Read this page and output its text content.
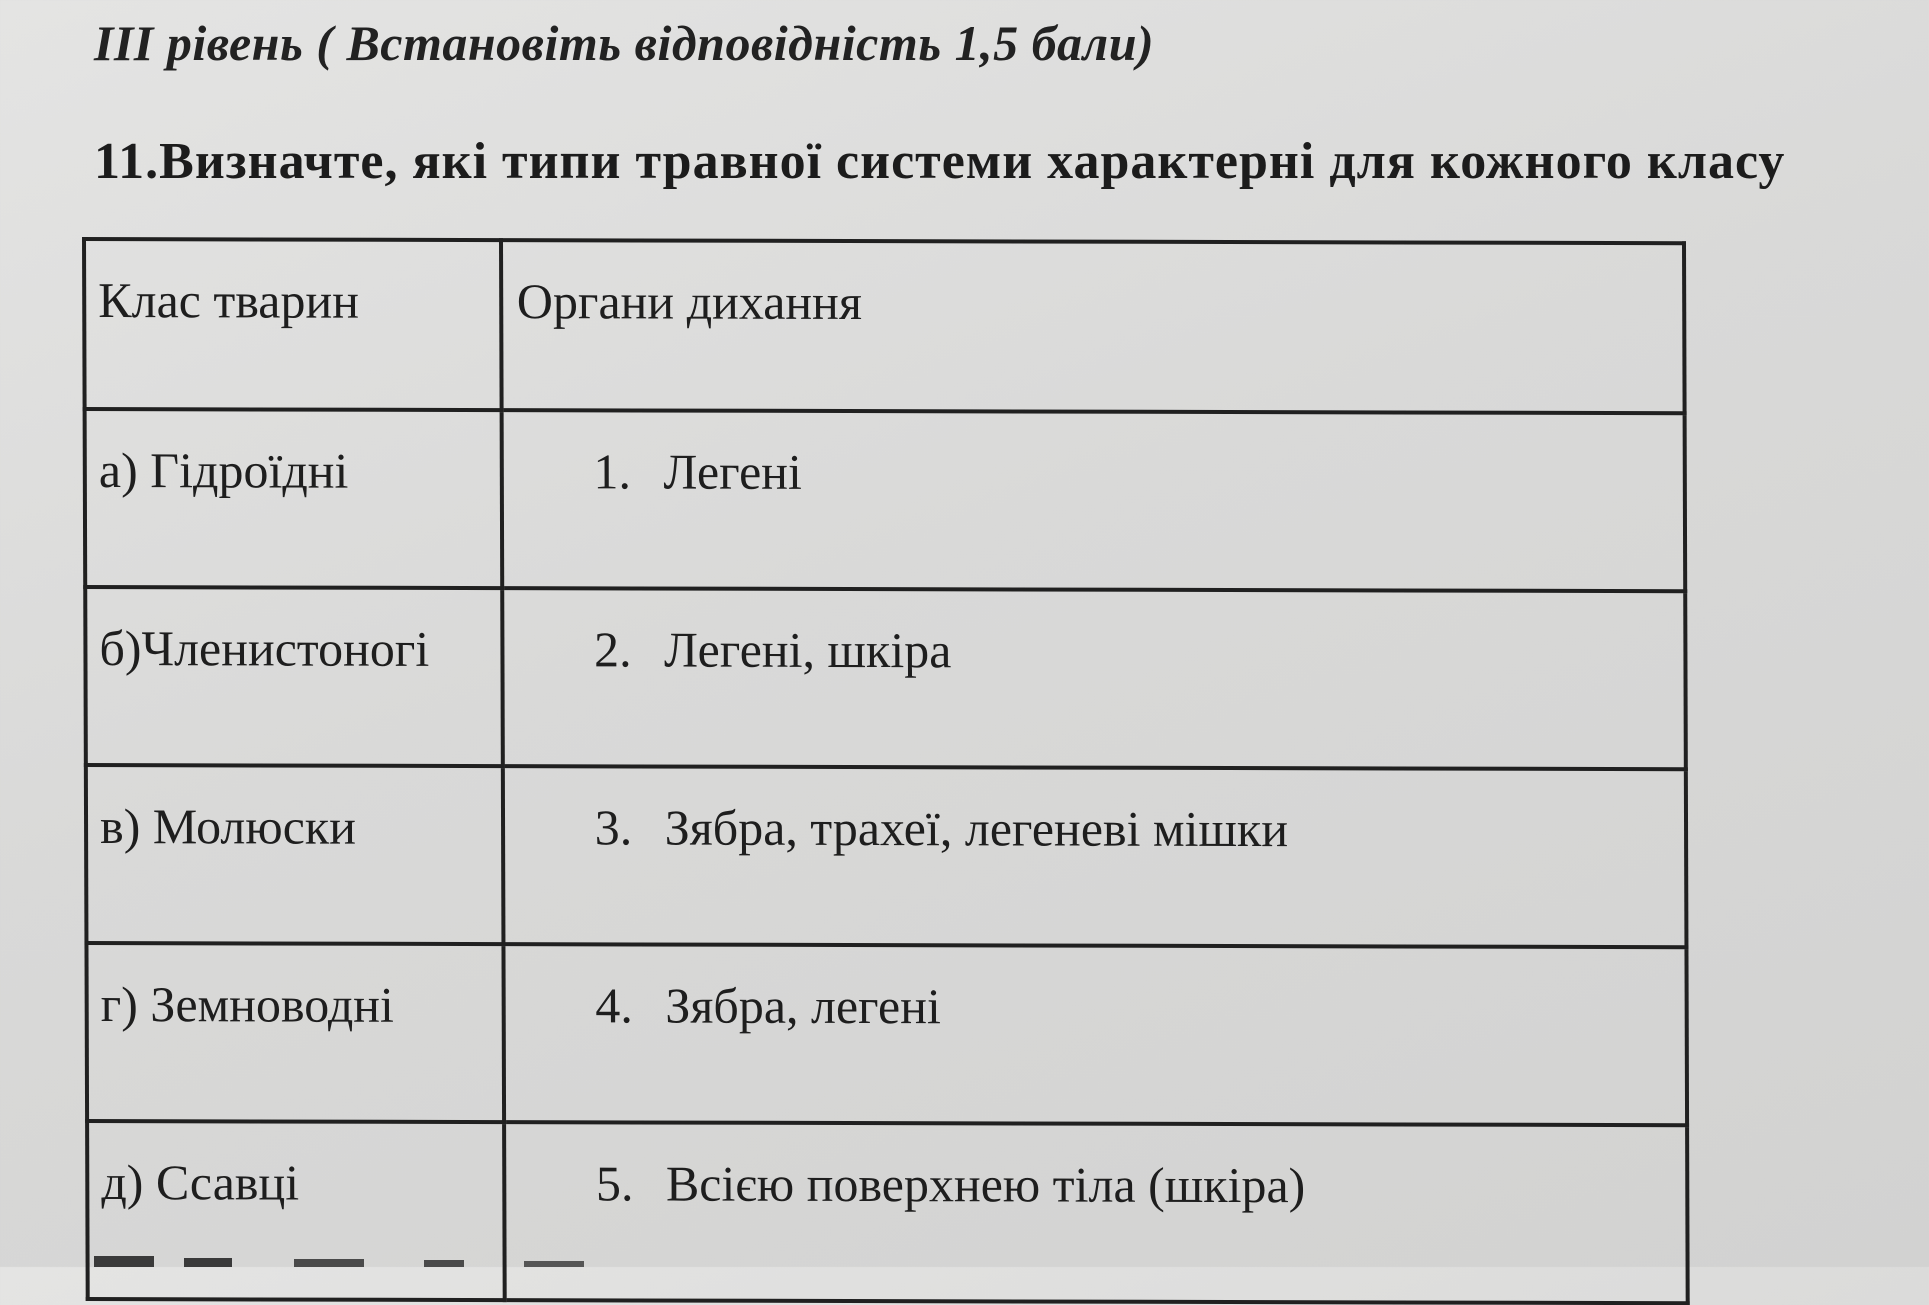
III рівень ( Встановіть відповідність 1,5 бали)
11.Визначте, які типи травної системи характерні для кожного класу
Клас тварин	Органи дихання
а) Гідроїдні	1. Легені
б)Членистоногі	2. Легені, шкіра
в) Молюски	3. Зябра, трахеї, легеневі мішки
г) Земноводні	4. Зябра, легені
д) Ссавці	5. Всією поверхнею тіла (шкіра)
